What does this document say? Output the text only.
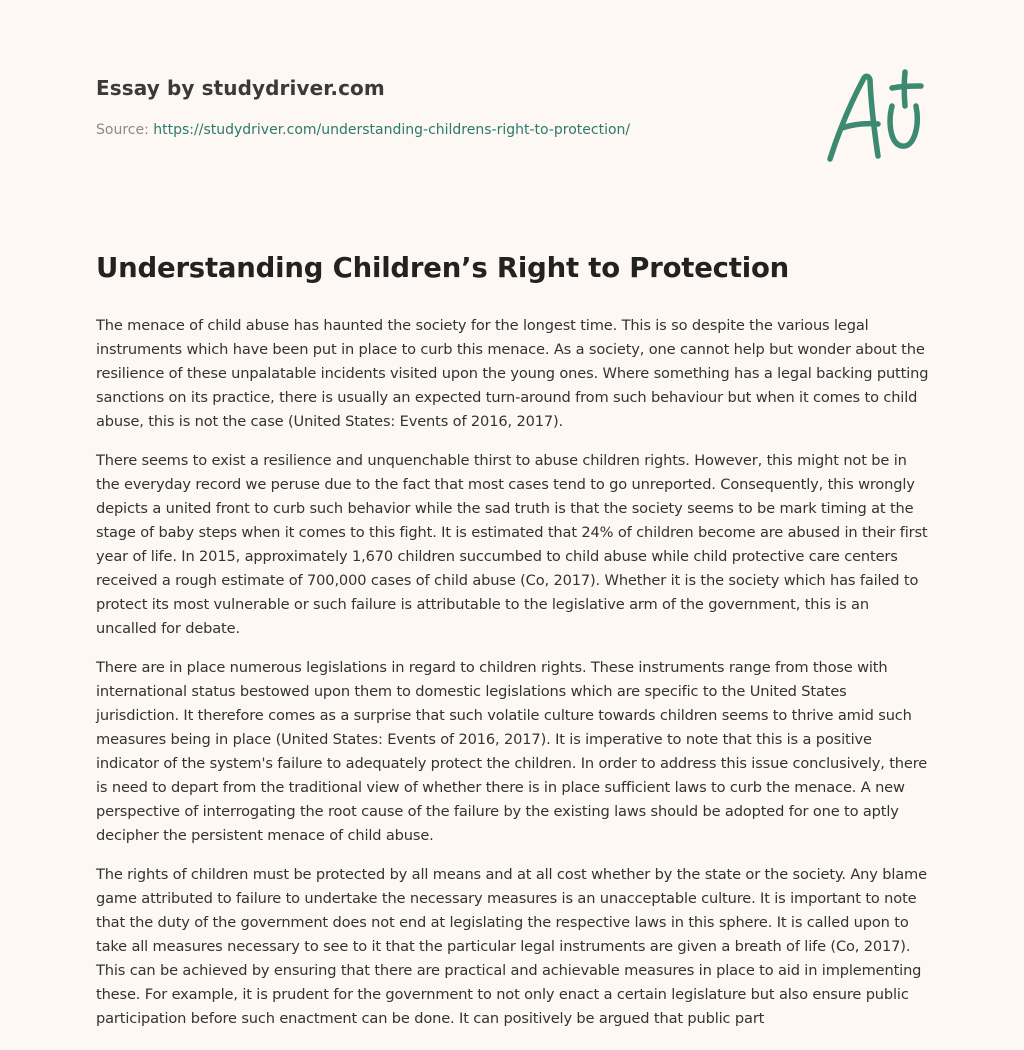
Essay by studydriver.com
Source: https://studydriver.com/understanding-childrens-right-to-protection/
Understanding Children’s Right to Protection

The menace of child abuse has haunted the society for the longest time. This is so despite the various legal instruments which have been put in place to curb this menace. As a society, one cannot help but wonder about the resilience of these unpalatable incidents visited upon the young ones. Where something has a legal backing putting sanctions on its practice, there is usually an expected turn-around from such behaviour but when it comes to child abuse, this is not the case (United States: Events of 2016, 2017).

There seems to exist a resilience and unquenchable thirst to abuse children rights. However, this might not be in the everyday record we peruse due to the fact that most cases tend to go unreported. Consequently, this wrongly depicts a united front to curb such behavior while the sad truth is that the society seems to be mark timing at the stage of baby steps when it comes to this fight. It is estimated that 24% of children become are abused in their first year of life. In 2015, approximately 1,670 children succumbed to child abuse while child protective care centers received a rough estimate of 700,000 cases of child abuse (Co, 2017). Whether it is the society which has failed to protect its most vulnerable or such failure is attributable to the legislative arm of the government, this is an uncalled for debate.

There are in place numerous legislations in regard to children rights. These instruments range from those with international status bestowed upon them to domestic legislations which are specific to the United States jurisdiction. It therefore comes as a surprise that such volatile culture towards children seems to thrive amid such measures being in place (United States: Events of 2016, 2017). It is imperative to note that this is a positive indicator of the system's failure to adequately protect the children. In order to address this issue conclusively, there is need to depart from the traditional view of whether there is in place sufficient laws to curb the menace. A new perspective of interrogating the root cause of the failure by the existing laws should be adopted for one to aptly decipher the persistent menace of child abuse.

The rights of children must be protected by all means and at all cost whether by the state or the society. Any blame game attributed to failure to undertake the necessary measures is an unacceptable culture. It is important to note that the duty of the government does not end at legislating the respective laws in this sphere. It is called upon to take all measures necessary to see to it that the particular legal instruments are given a breath of life (Co, 2017). This can be achieved by ensuring that there are practical and achievable measures in place to aid in implementing these. For example, it is prudent for the government to not only enact a certain legislature but also ensure public participation before such enactment can be done. It can positively be argued that public part
